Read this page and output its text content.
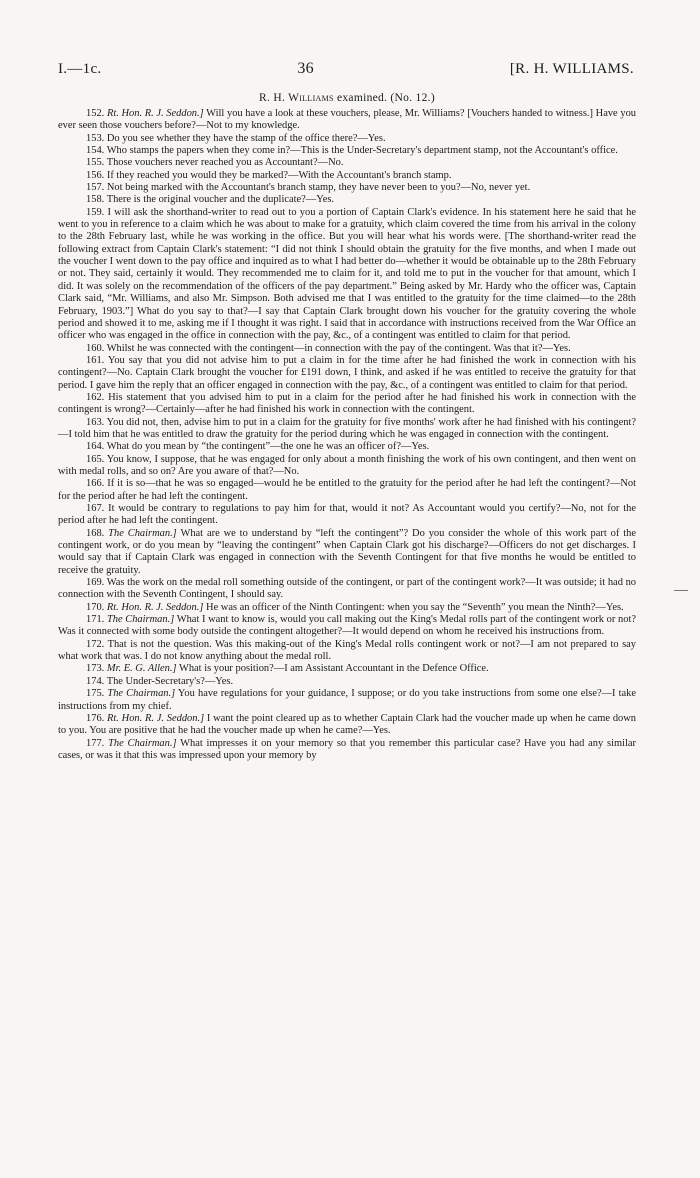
I.—1c.	36	[R. H. WILLIAMS.
R. H. Williams examined. (No. 12.)

152. Rt. Hon. R. J. Seddon.] Will you have a look at these vouchers, please, Mr. Williams? [Vouchers handed to witness.] Have you ever seen those vouchers before?—Not to my knowledge.

153. Do you see whether they have the stamp of the office there?—Yes.

154. Who stamps the papers when they come in?—This is the Under-Secretary's department stamp, not the Accountant's office.

155. Those vouchers never reached you as Accountant?—No.

156. If they reached you would they be marked?—With the Accountant's branch stamp.

157. Not being marked with the Accountant's branch stamp, they have never been to you?—No, never yet.

158. There is the original voucher and the duplicate?—Yes.

159. I will ask the shorthand-writer to read out to you a portion of Captain Clark's evidence. In his statement here he said that he went to you in reference to a claim which he was about to make for a gratuity, which claim covered the time from his arrival in the colony to the 28th February last, while he was working in the office. But you will hear what his words were. [The shorthand-writer read the following extract from Captain Clark's statement: “I did not think I should obtain the gratuity for the five months, and when I made out the voucher I went down to the pay office and inquired as to what I had better do—whether it would be obtainable up to the 28th February or not. They said, certainly it would. They recommended me to claim for it, and told me to put in the voucher for that amount, which I did. It was solely on the recommendation of the officers of the pay department.” Being asked by Mr. Hardy who the officer was, Captain Clark said, “Mr. Williams, and also Mr. Simpson. Both advised me that I was entitled to the gratuity for the time claimed—to the 28th February, 1903.”] What do you say to that?—I say that Captain Clark brought down his voucher for the gratuity covering the whole period and showed it to me, asking me if I thought it was right. I said that in accordance with instructions received from the War Office an officer who was engaged in the office in connection with the pay, &c., of a contingent was entitled to claim for that period.

160. Whilst he was connected with the contingent—in connection with the pay of the contingent. Was that it?—Yes.

161. You say that you did not advise him to put a claim in for the time after he had finished the work in connection with his contingent?—No. Captain Clark brought the voucher for £191 down, I think, and asked if he was entitled to receive the gratuity for that period. I gave him the reply that an officer engaged in connection with the pay, &c., of a contingent was entitled to claim for that period.

162. His statement that you advised him to put in a claim for the period after he had finished his work in connection with the contingent is wrong?—Certainly—after he had finished his work in connection with the contingent.

163. You did not, then, advise him to put in a claim for the gratuity for five months' work after he had finished with his contingent?—I told him that he was entitled to draw the gratuity for the period during which he was engaged in connection with the contingent.

164. What do you mean by “the contingent”—the one he was an officer of?—Yes.

165. You know, I suppose, that he was engaged for only about a month finishing the work of his own contingent, and then went on with medal rolls, and so on? Are you aware of that?—No.

166. If it is so—that he was so engaged—would he be entitled to the gratuity for the period after he had left the contingent?—Not for the period after he had left the contingent.

167. It would be contrary to regulations to pay him for that, would it not? As Accountant would you certify?—No, not for the period after he had left the contingent.

168. The Chairman.] What are we to understand by “left the contingent”? Do you consider the whole of this work part of the contingent work, or do you mean by “leaving the contingent” when Captain Clark got his discharge?—Officers do not get discharges. I would say that if Captain Clark was engaged in connection with the Seventh Contingent for that five months he would be entitled to receive the gratuity.

169. Was the work on the medal roll something outside of the contingent, or part of the contingent work?—It was outside; it had no connection with the Seventh Contingent, I should say.

170. Rt. Hon. R. J. Seddon.] He was an officer of the Ninth Contingent: when you say the “Seventh” you mean the Ninth?—Yes.

171. The Chairman.] What I want to know is, would you call making out the King's Medal rolls part of the contingent work or not? Was it connected with some body outside the contingent altogether?—It would depend on whom he received his instructions from.

172. That is not the question. Was this making-out of the King's Medal rolls contingent work or not?—I am not prepared to say what work that was. I do not know anything about the medal roll.

173. Mr. E. G. Allen.] What is your position?—I am Assistant Accountant in the Defence Office.

174. The Under-Secretary's?—Yes.

175. The Chairman.] You have regulations for your guidance, I suppose; or do you take instructions from some one else?—I take instructions from my chief.

176. Rt. Hon. R. J. Seddon.] I want the point cleared up as to whether Captain Clark had the voucher made up when he came down to you. You are positive that he had the voucher made up when he came?—Yes.

177. The Chairman.] What impresses it on your memory so that you remember this particular case? Have you had any similar cases, or was it that this was impressed upon your memory by
